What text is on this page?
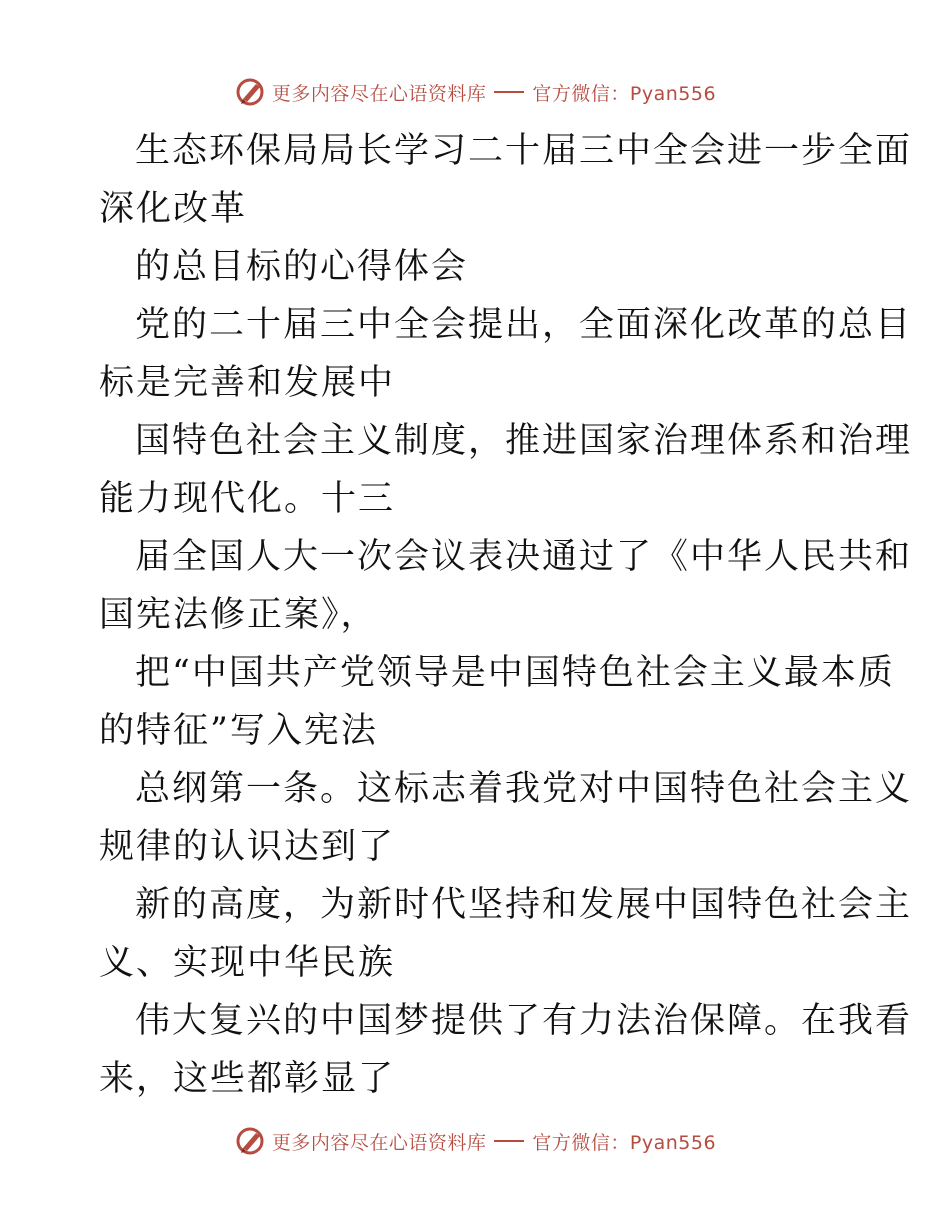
更多内容尽在心语资料库 官方微信：Pyan556
生态环保局局长学习二十届三中全会进一步全面
深化改革
的总目标的心得体会
党的二十届三中全会提出，全面深化改革的总目
标是完善和发展中
国特色社会主义制度，推进国家治理体系和治理
能力现代化。十三
届全国人大一次会议表决通过了《中华人民共和
国宪法修正案》，
把“中国共产党领导是中国特色社会主义最本质
的特征”写入宪法
总纲第一条。这标志着我党对中国特色社会主义
规律的认识达到了
新的高度，为新时代坚持和发展中国特色社会主
义、实现中华民族
伟大复兴的中国梦提供了有力法治保障。在我看
来，这些都彰显了
更多内容尽在心语资料库 官方微信：Pyan556
